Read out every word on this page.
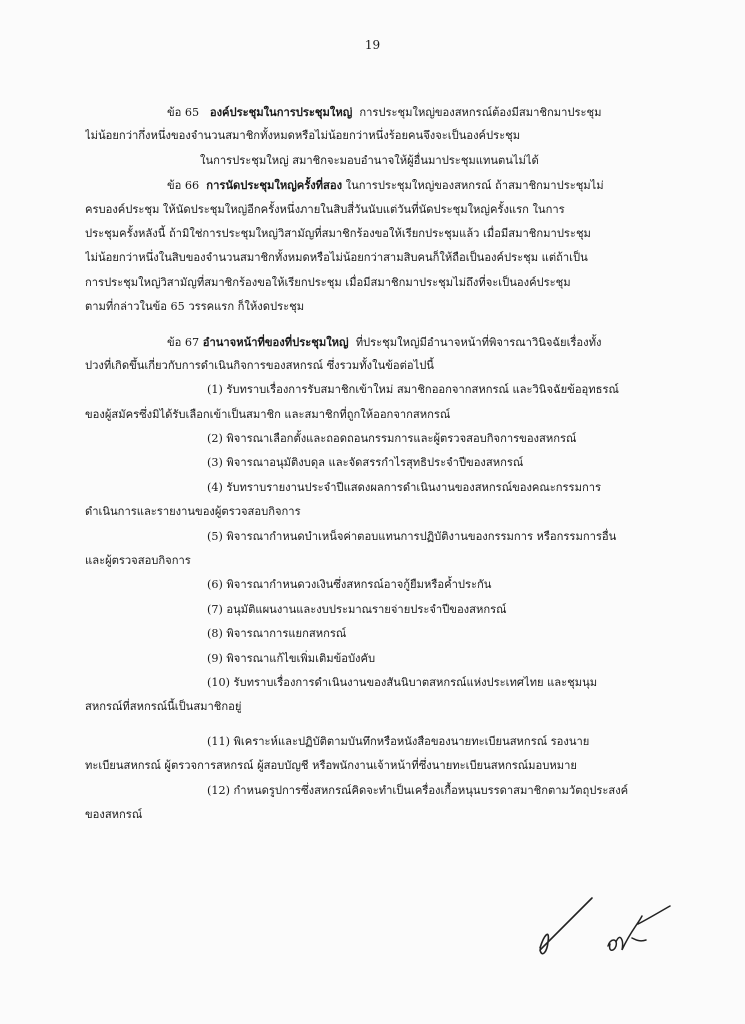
19
ข้อ 65 องค์ประชุมในการประชุมใหญ่ การประชุมใหญ่ของสหกรณ์ต้องมีสมาชิกมาประชุม
ไม่น้อยกว่ากึ่งหนึ่งของจำนวนสมาชิกทั้งหมดหรือไม่น้อยกว่าหนึ่งร้อยคนจึงจะเป็นองค์ประชุม
ในการประชุมใหญ่ สมาชิกจะมอบอำนาจให้ผู้อื่นมาประชุมแทนตนไม่ได้
ข้อ 66 การนัดประชุมใหญ่ครั้งที่สอง ในการประชุมใหญ่ของสหกรณ์ ถ้าสมาชิกมาประชุมไม่
ครบองค์ประชุม ให้นัดประชุมใหญ่อีกครั้งหนึ่งภายในสิบสี่วันนับแต่วันที่นัดประชุมใหญ่ครั้งแรก ในการ
ประชุมครั้งหลังนี้ ถ้ามิใช่การประชุมใหญ่วิสามัญที่สมาชิกร้องขอให้เรียกประชุมแล้ว เมื่อมีสมาชิกมาประชุม
ไม่น้อยกว่าหนึ่งในสิบของจำนวนสมาชิกทั้งหมดหรือไม่น้อยกว่าสามสิบคนก็ให้ถือเป็นองค์ประชุม แต่ถ้าเป็น
การประชุมใหญ่วิสามัญที่สมาชิกร้องขอให้เรียกประชุม เมื่อมีสมาชิกมาประชุมไม่ถึงที่จะเป็นองค์ประชุม
ตามที่กล่าวในข้อ 65 วรรคแรก ก็ให้งดประชุม
ข้อ 67 อำนาจหน้าที่ของที่ประชุมใหญ่ ที่ประชุมใหญ่มีอำนาจหน้าที่พิจารณาวินิจฉัยเรื่องทั้ง
ปวงที่เกิดขึ้นเกี่ยวกับการดำเนินกิจการของสหกรณ์ ซึ่งรวมทั้งในข้อต่อไปนี้
(1) รับทราบเรื่องการรับสมาชิกเข้าใหม่ สมาชิกออกจากสหกรณ์ และวินิจฉัยข้ออุทธรณ์
ของผู้สมัครซึ่งมิได้รับเลือกเข้าเป็นสมาชิก และสมาชิกที่ถูกให้ออกจากสหกรณ์
(2) พิจารณาเลือกตั้งและถอดถอนกรรมการและผู้ตรวจสอบกิจการของสหกรณ์
(3) พิจารณาอนุมัติงบดุล และจัดสรรกำไรสุทธิประจำปีของสหกรณ์
(4) รับทราบรายงานประจำปีแสดงผลการดำเนินงานของสหกรณ์ของคณะกรรมการ
ดำเนินการและรายงานของผู้ตรวจสอบกิจการ
(5) พิจารณากำหนดบำเหน็จค่าตอบแทนการปฏิบัติงานของกรรมการ หรือกรรมการอื่น
และผู้ตรวจสอบกิจการ
(6) พิจารณากำหนดวงเงินซึ่งสหกรณ์อาจกู้ยืมหรือค้ำประกัน
(7) อนุมัติแผนงานและงบประมาณรายจ่ายประจำปีของสหกรณ์
(8) พิจารณาการแยกสหกรณ์
(9) พิจารณาแก้ไขเพิ่มเติมข้อบังคับ
(10) รับทราบเรื่องการดำเนินงานของสันนิบาตสหกรณ์แห่งประเทศไทย และชุมนุม
สหกรณ์ที่สหกรณ์นี้เป็นสมาชิกอยู่
(11) พิเคราะห์และปฏิบัติตามบันทึกหรือหนังสือของนายทะเบียนสหกรณ์ รองนาย
ทะเบียนสหกรณ์ ผู้ตรวจการสหกรณ์ ผู้สอบบัญชี หรือพนักงานเจ้าหน้าที่ซึ่งนายทะเบียนสหกรณ์มอบหมาย
(12) กำหนดรูปการซึ่งสหกรณ์คิดจะทำเป็นเครื่องเกื้อหนุนบรรดาสมาชิกตามวัตถุประสงค์
ของสหกรณ์
